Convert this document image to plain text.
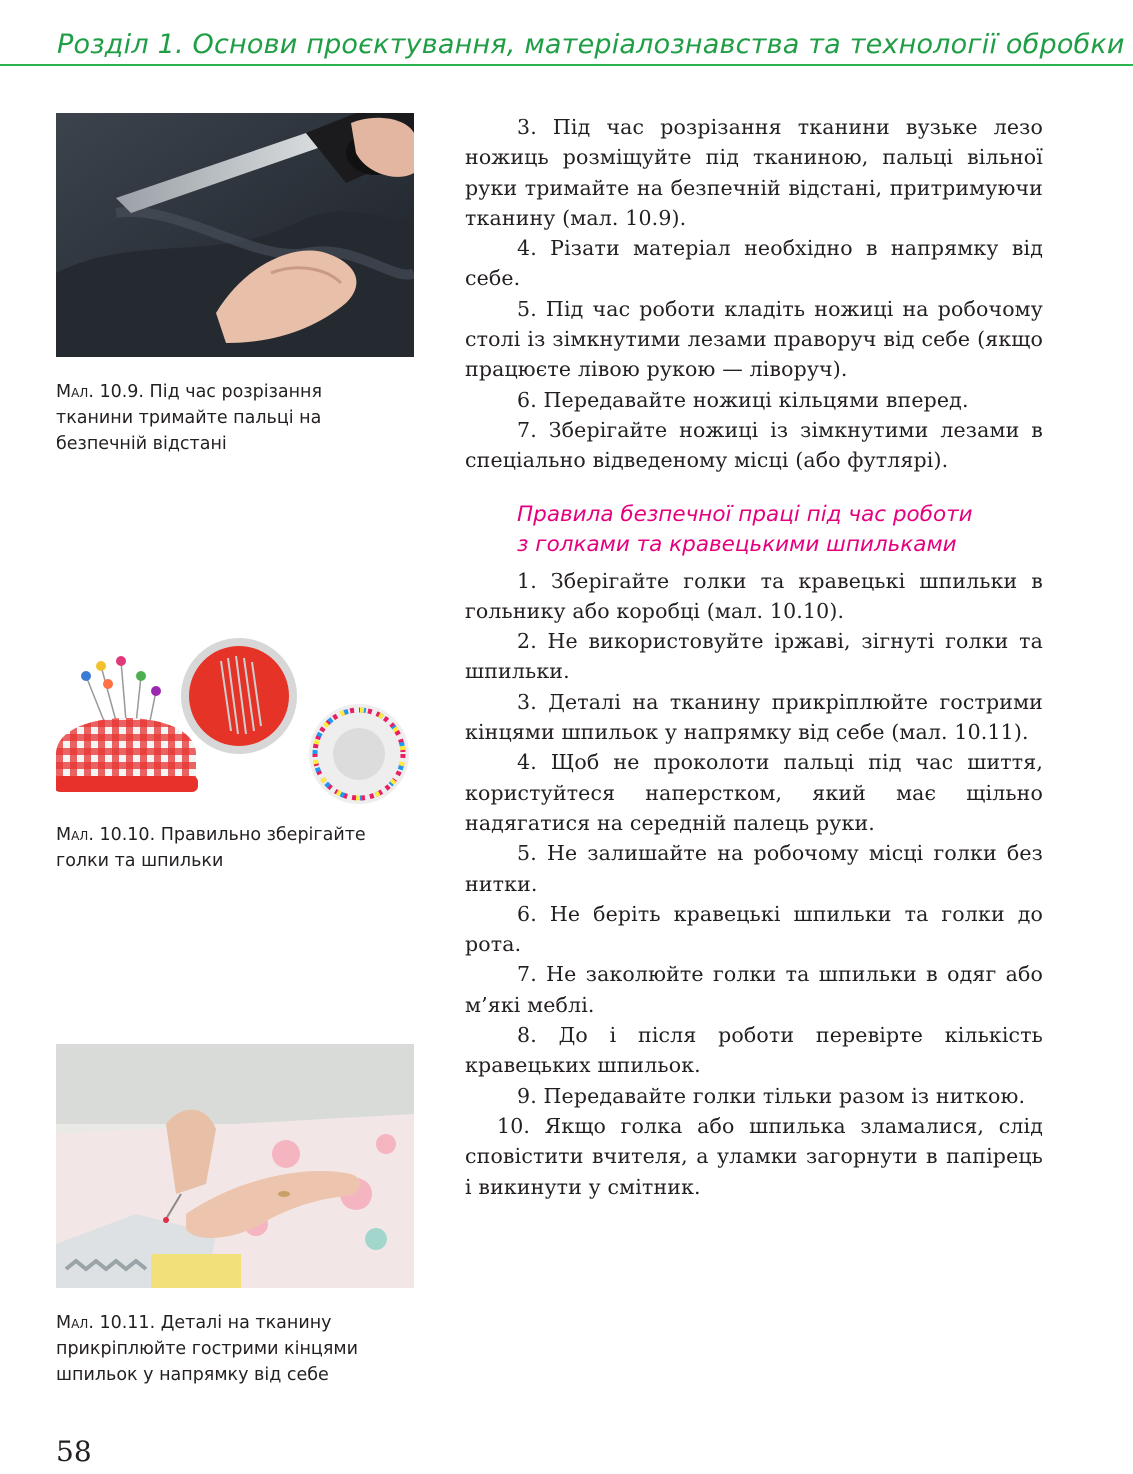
Розділ 1. Основи проєктування, матеріалознавства та технології обробки
Мал. 10.9. Під час розрізання тканини тримайте пальці на безпечній відстані
Мал. 10.10. Правильно зберігайте голки та шпильки
Мал. 10.11. Деталі на тканину прикріплюйте гострими кінцями шпильок у напрямку від себе

3. Під час розрізання тканини вузьке лезо ножиць розміщуйте під тканиною, пальці вільної руки тримайте на безпечній відстані, притримуючи тканину (мал. 10.9).

4. Різати матеріал необхідно в напрямку від себе.

5. Під час роботи кладіть ножиці на робочому столі із зімкнутими лезами праворуч від себе (якщо працюєте лівою рукою — ліворуч).

6. Передавайте ножиці кільцями вперед.

7. Зберігайте ножиці із зімкнутими лезами в спеціально відведеному місці (або футлярі).

Правила безпечної праці під час роботи
з голками та кравецькими шпильками

1. Зберігайте голки та кравецькі шпильки в гольнику або коробці (мал. 10.10).

2. Не використовуйте іржаві, зігнуті голки та шпильки.

3. Деталі на тканину прикріплюйте гострими кінцями шпильок у напрямку від себе (мал. 10.11).

4. Щоб не проколоти пальці під час шиття, користуйтеся наперстком, який має щільно надягатися на середній палець руки.

5. Не залишайте на робочому місці голки без нитки.

6. Не беріть кравецькі шпильки та голки до рота.

7. Не заколюйте голки та шпильки в одяг або м’які меблі.

8. До і після роботи перевірте кількість кравецьких шпильок.

9. Передавайте голки тільки разом із ниткою.

10. Якщо голка або шпилька зламалися, слід сповістити вчителя, а уламки загорнути в папірець і викинути у смітник.

58
